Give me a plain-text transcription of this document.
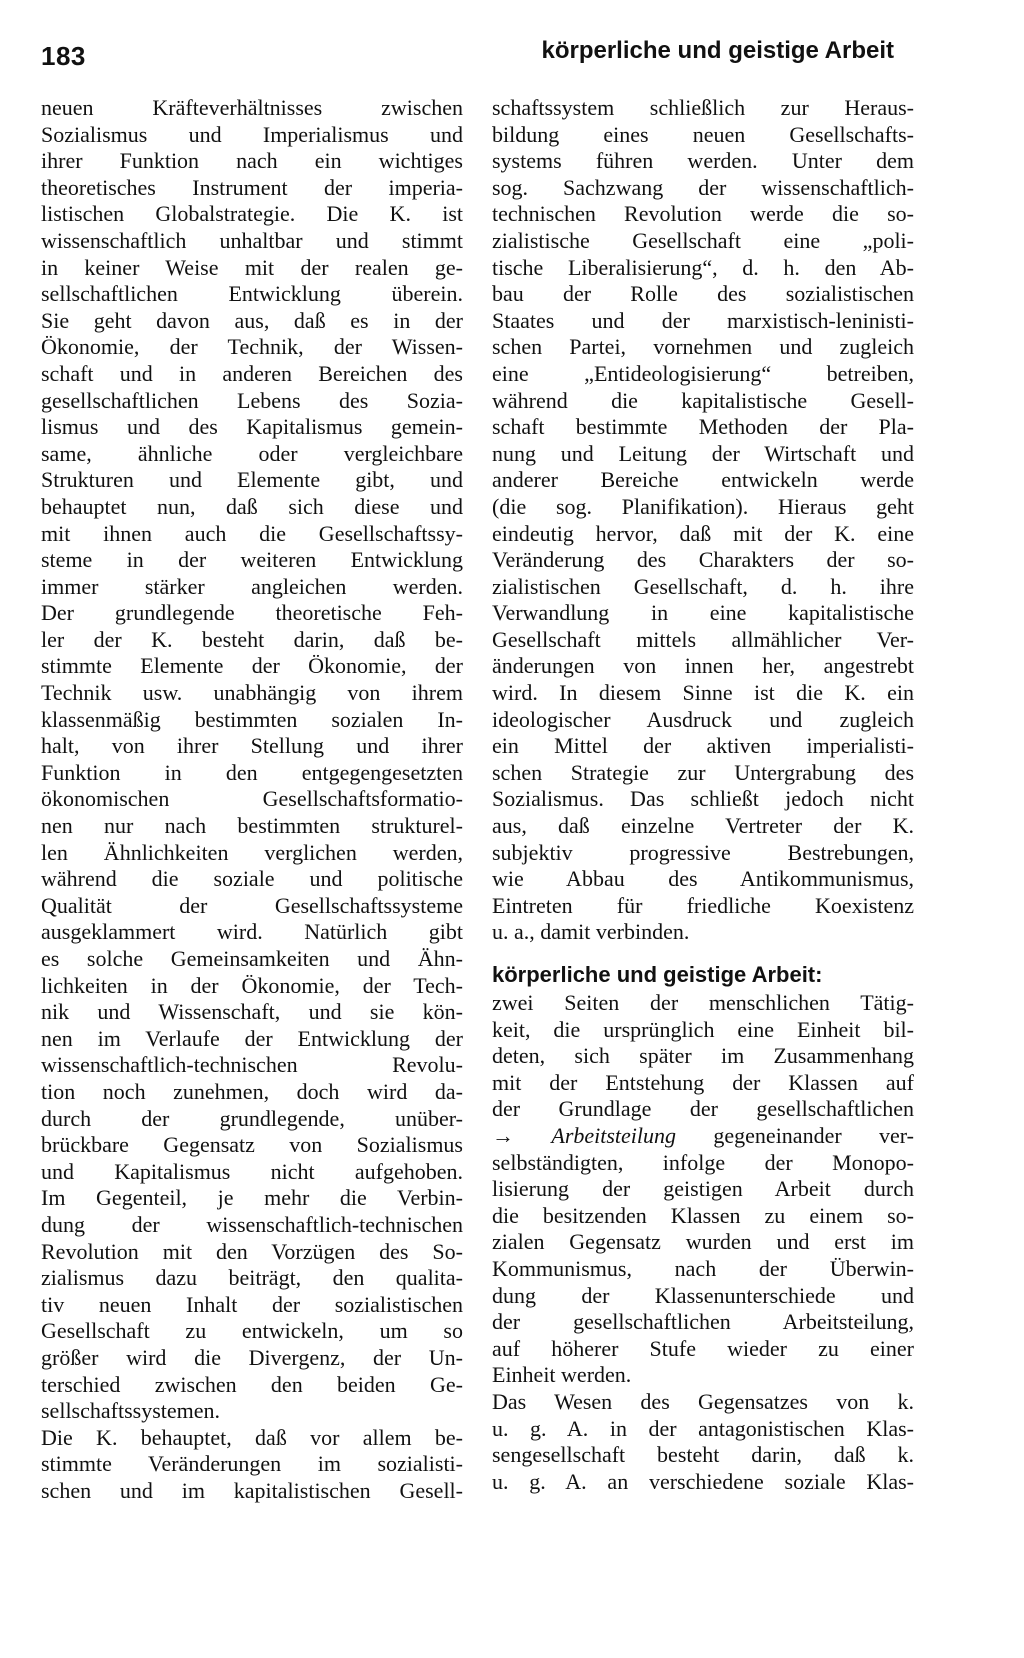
183	körperliche und geistige Arbeit
neuen Kräfteverhältnisses zwischen
Sozialismus und Imperialismus und
ihrer Funktion nach ein wichtiges
theoretisches Instrument der imperia-
listischen Globalstrategie. Die K. ist
wissenschaftlich unhaltbar und stimmt
in keiner Weise mit der realen ge-
sellschaftlichen Entwicklung überein.
Sie geht davon aus, daß es in der
Ökonomie, der Technik, der Wissen-
schaft und in anderen Bereichen des
gesellschaftlichen Lebens des Sozia-
lismus und des Kapitalismus gemein-
same, ähnliche oder vergleichbare
Strukturen und Elemente gibt, und
behauptet nun, daß sich diese und
mit ihnen auch die Gesellschaftssy-
steme in der weiteren Entwicklung
immer stärker angleichen werden.
Der grundlegende theoretische Feh-
ler der K. besteht darin, daß be-
stimmte Elemente der Ökonomie, der
Technik usw. unabhängig von ihrem
klassenmäßig bestimmten sozialen In-
halt, von ihrer Stellung und ihrer
Funktion in den entgegengesetzten
ökonomischen Gesellschaftsformatio-
nen nur nach bestimmten strukturel-
len Ähnlichkeiten verglichen werden,
während die soziale und politische
Qualität der Gesellschaftssysteme
ausgeklammert wird. Natürlich gibt
es solche Gemeinsamkeiten und Ähn-
lichkeiten in der Ökonomie, der Tech-
nik und Wissenschaft, und sie kön-
nen im Verlaufe der Entwicklung der
wissenschaftlich-technischen Revolu-
tion noch zunehmen, doch wird da-
durch der grundlegende, unüber-
brückbare Gegensatz von Sozialismus
und Kapitalismus nicht aufgehoben.
Im Gegenteil, je mehr die Verbin-
dung der wissenschaftlich-technischen
Revolution mit den Vorzügen des So-
zialismus dazu beiträgt, den qualita-
tiv neuen Inhalt der sozialistischen
Gesellschaft zu entwickeln, um so
größer wird die Divergenz, der Un-
terschied zwischen den beiden Ge-
sellschaftssystemen.
Die K. behauptet, daß vor allem be-
stimmte Veränderungen im sozialisti-
schen und im kapitalistischen Gesell-
schaftssystem schließlich zur Heraus-
bildung eines neuen Gesellschafts-
systems führen werden. Unter dem
sog. Sachzwang der wissenschaftlich-
technischen Revolution werde die so-
zialistische Gesellschaft eine „poli-
tische Liberalisierung“, d. h. den Ab-
bau der Rolle des sozialistischen
Staates und der marxistisch-leninisti-
schen Partei, vornehmen und zugleich
eine „Entideologisierung“ betreiben,
während die kapitalistische Gesell-
schaft bestimmte Methoden der Pla-
nung und Leitung der Wirtschaft und
anderer Bereiche entwickeln werde
(die sog. Planifikation). Hieraus geht
eindeutig hervor, daß mit der K. eine
Veränderung des Charakters der so-
zialistischen Gesellschaft, d. h. ihre
Verwandlung in eine kapitalistische
Gesellschaft mittels allmählicher Ver-
änderungen von innen her, angestrebt
wird. In diesem Sinne ist die K. ein
ideologischer Ausdruck und zugleich
ein Mittel der aktiven imperialisti-
schen Strategie zur Untergrabung des
Sozialismus. Das schließt jedoch nicht
aus, daß einzelne Vertreter der K.
subjektiv progressive Bestrebungen,
wie Abbau des Antikommunismus,
Eintreten für friedliche Koexistenz
u. a., damit verbinden.
körperliche und geistige Arbeit:
zwei Seiten der menschlichen Tätig-
keit, die ursprünglich eine Einheit bil-
deten, sich später im Zusammenhang
mit der Entstehung der Klassen auf
der Grundlage der gesellschaftlichen
→ Arbeitsteilung gegeneinander ver-
selbständigten, infolge der Monopo-
lisierung der geistigen Arbeit durch
die besitzenden Klassen zu einem so-
zialen Gegensatz wurden und erst im
Kommunismus, nach der Überwin-
dung der Klassenunterschiede und
der gesellschaftlichen Arbeitsteilung,
auf höherer Stufe wieder zu einer
Einheit werden.
Das Wesen des Gegensatzes von k.
u. g. A. in der antagonistischen Klas-
sengesellschaft besteht darin, daß k.
u. g. A. an verschiedene soziale Klas-
